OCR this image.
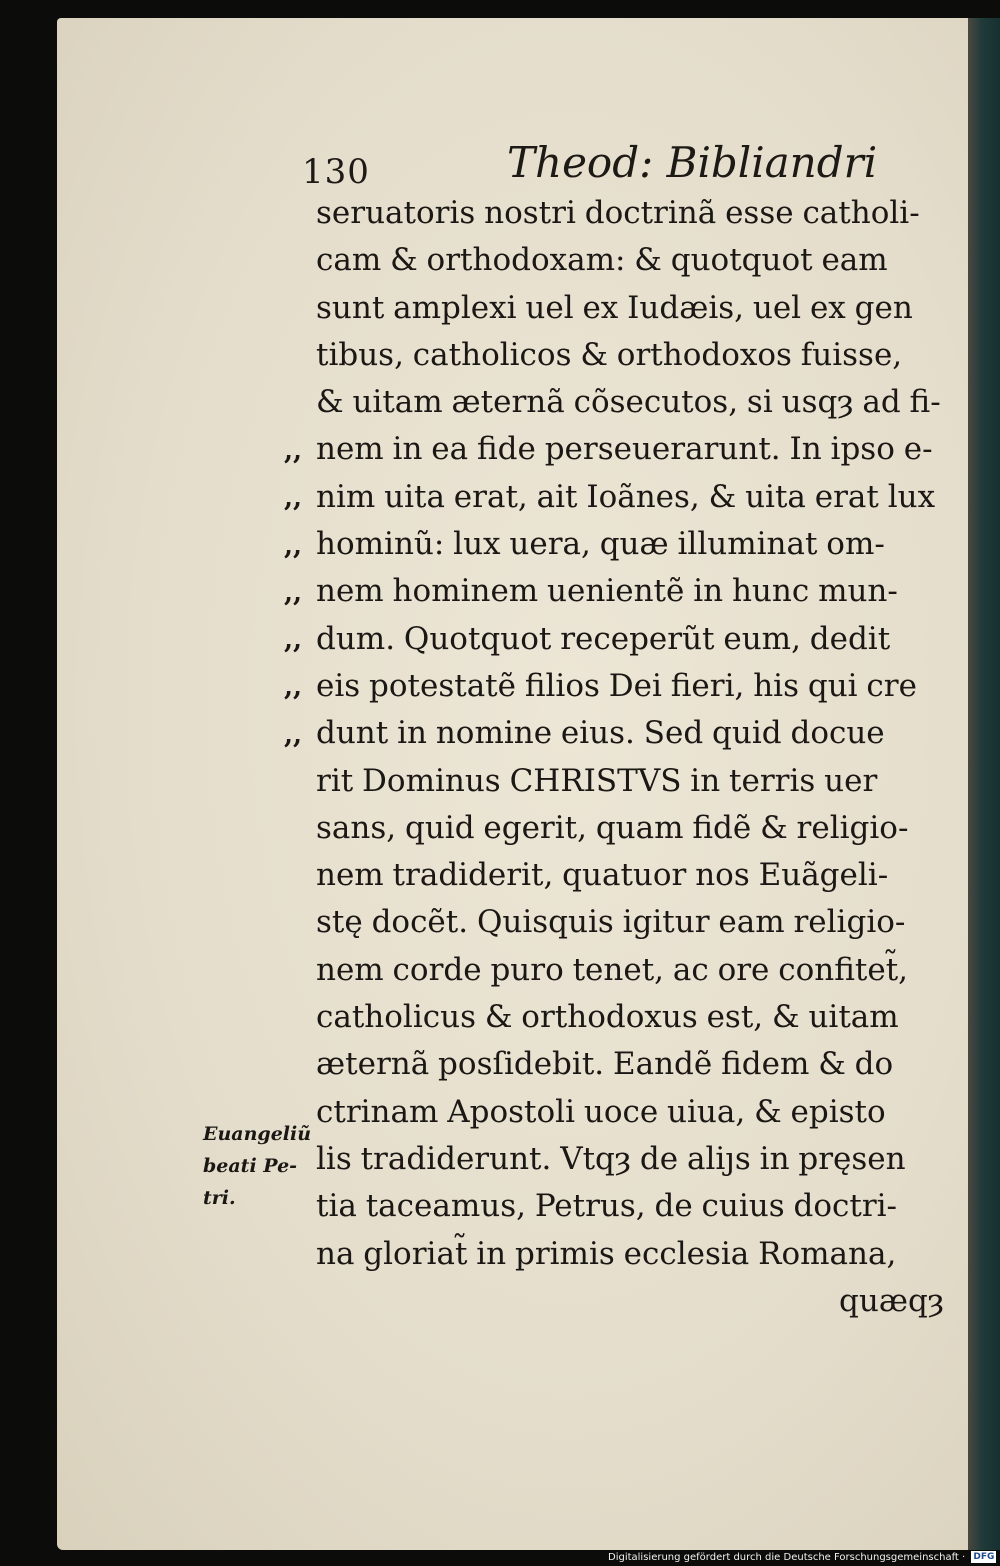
130	Theod: Bibliandri
,,
,,
,,
,,
,,
,,
,,
seruatoris nostri doctrinã esse catholi-
cam & orthodoxam: & quotquot eam
sunt amplexi uel ex Iudæis, uel ex gen
tibus, catholicos & orthodoxos fuisse,
& uitam æternã cõsecutos, si usqȝ ad fi-
nem in ea fide perseuerarunt. In ipso e-
nim uita erat, ait Ioãnes, & uita erat lux
hominũ: lux uera, quæ illuminat om-
nem hominem uenientẽ in hunc mun-
dum. Quotquot receperũt eum, dedit
eis potestatẽ filios Dei fieri, his qui cre
dunt in nomine eius. Sed quid docue
rit Dominus CHRISTVS in terris uer
sans, quid egerit, quam fidẽ & religio-
nem tradiderit, quatuor nos Euãgeli-
stę docẽt. Quisquis igitur eam religio-
nem corde puro tenet, ac ore confitet̃,
catholicus & orthodoxus est, & uitam
æternã posſidebit. Eandẽ fidem & do
ctrinam Apostoli uoce uiua, & episto
lis tradiderunt. Vtqȝ de aliȷs in pręsen
tia taceamus, Petrus, de cuius doctri-
na gloriat̃ in primis ecclesia Romana,
quæqȝ
Euangeliũ
beati Pe-
tri.
Digitalisierung gefördert durch die Deutsche Forschungsgemeinschaft · DFG
